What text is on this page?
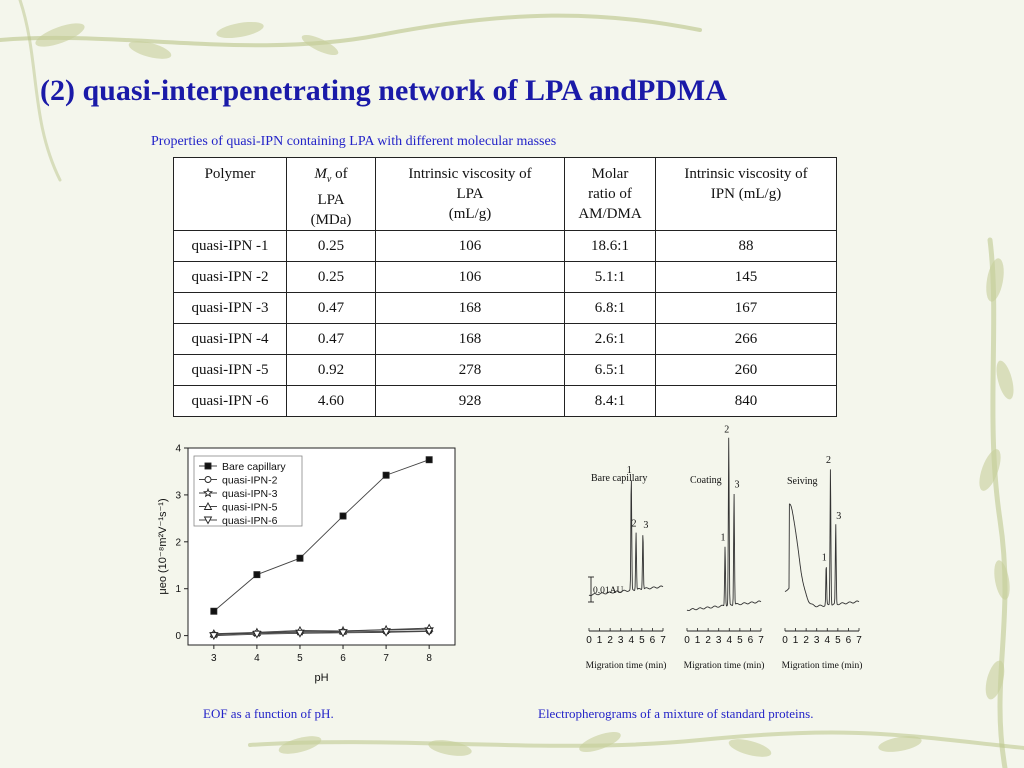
(2) quasi-interpenetrating network of LPA andPDMA
Properties of quasi-IPN containing LPA with different molecular masses
Polymer	$M_v$ of
LPA
(MDa)	Intrinsic viscosity of
LPA
(mL/g)	Molar
ratio of
AM/DMA	Intrinsic viscosity of
IPN (mL/g)
quasi-IPN -1	0.25	106	18.6:1	88
quasi-IPN -2	0.25	106	5.1:1	145
quasi-IPN -3	0.47	168	6.8:1	167
quasi-IPN -4	0.47	168	2.6:1	266
quasi-IPN -5	0.92	278	6.5:1	260
quasi-IPN -6	4.60	928	8.4:1	840
3	4	5	6	7	8
0
1
2
3
4
pH
μeo (10⁻⁸m²V⁻¹s⁻¹)
Bare capillary
quasi-IPN-2
quasi-IPN-3
quasi-IPN-5
quasi-IPN-6
0 1 2 3 4 5 6 7
Migration time (min)
1
2 3
Bare capillary
0 1 2 3 4 5 6 7
Migration time (min)
1
2
3
Coating
0 1 2 3 4 5 6 7
Migration time (min)
1
2
3
Seiving
0.01AU
EOF as a function of pH.	Electropherograms of a mixture of standard proteins.
